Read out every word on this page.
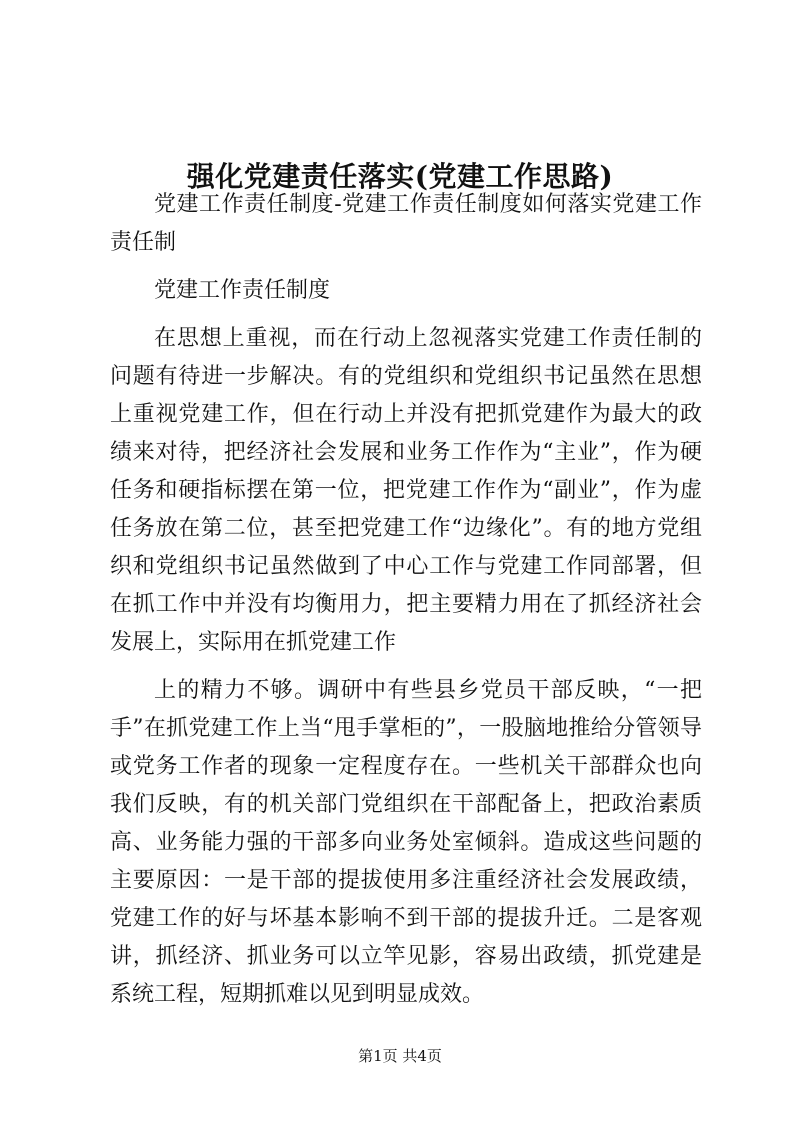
强化党建责任落实(党建工作思路)

党建工作责任制度-党建工作责任制度如何落实党建工作责任制

党建工作责任制度

在思想上重视，而在行动上忽视落实党建工作责任制的问题有待进一步解决。有的党组织和党组织书记虽然在思想上重视党建工作，但在行动上并没有把抓党建作为最大的政绩来对待，把经济社会发展和业务工作作为“主业”，作为硬任务和硬指标摆在第一位，把党建工作作为“副业”，作为虚任务放在第二位，甚至把党建工作“边缘化”。有的地方党组织和党组织书记虽然做到了中心工作与党建工作同部署，但在抓工作中并没有均衡用力，把主要精力用在了抓经济社会发展上，实际用在抓党建工作

上的精力不够。调研中有些县乡党员干部反映，“一把手”在抓党建工作上当“甩手掌柜的”，一股脑地推给分管领导或党务工作者的现象一定程度存在。一些机关干部群众也向我们反映，有的机关部门党组织在干部配备上，把政治素质高、业务能力强的干部多向业务处室倾斜。造成这些问题的主要原因：一是干部的提拔使用多注重经济社会发展政绩，党建工作的好与坏基本影响不到干部的提拔升迁。二是客观讲，抓经济、抓业务可以立竿见影，容易出政绩，抓党建是系统工程，短期抓难以见到明显成效。

第1页 共4页
